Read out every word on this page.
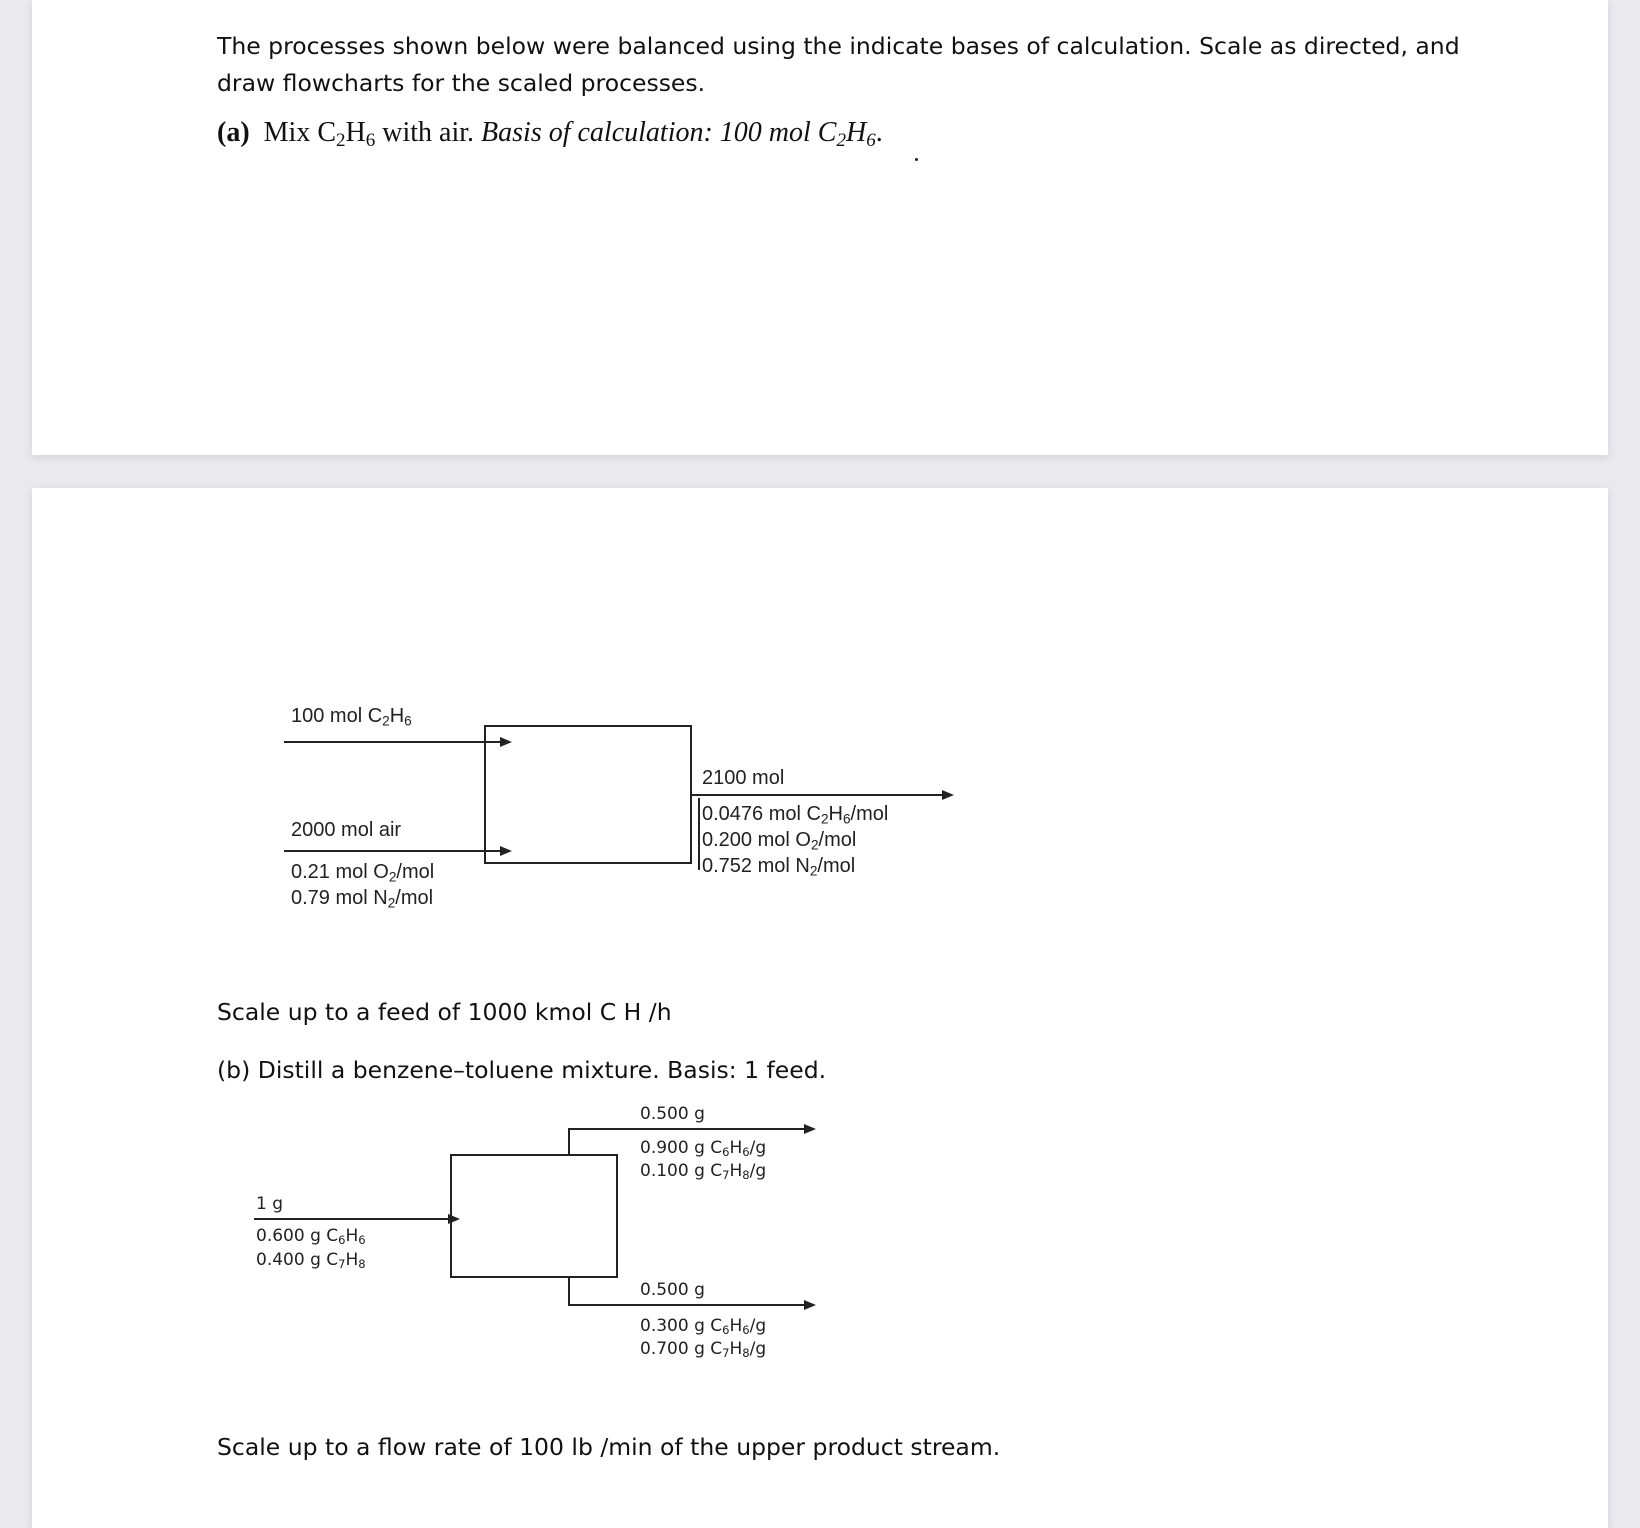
The processes shown below were balanced using the indicate bases of calculation. Scale as directed, and

draw flowcharts for the scaled processes.

(a) Mix $C_2H_6$ with air. Basis of calculation: 100 mol $C_2H_6$.
100 mol $C_2H_6$
2000 mol air
0.21 mol $O_2$/mol
0.79 mol $N_2$/mol
2100 mol
0.0476 mol $C_2H_6$/mol
0.200 mol $O_2$/mol
0.752 mol $N_2$/mol

Scale up to a feed of 1000 kmol C H /h

(b) Distill a benzene–toluene mixture. Basis: 1 feed.

0.500 g
0.900 g $C_6H_6/g$
0.100 g $C_7H_8/g$
1 g
0.600 g $C_6H_6$
0.400 g $C_7H_8$
0.500 g
0.300 g $C_6H_6/g$
0.700 g $C_7H_8/g$

Scale up to a flow rate of 100 lb /min of the upper product stream.
